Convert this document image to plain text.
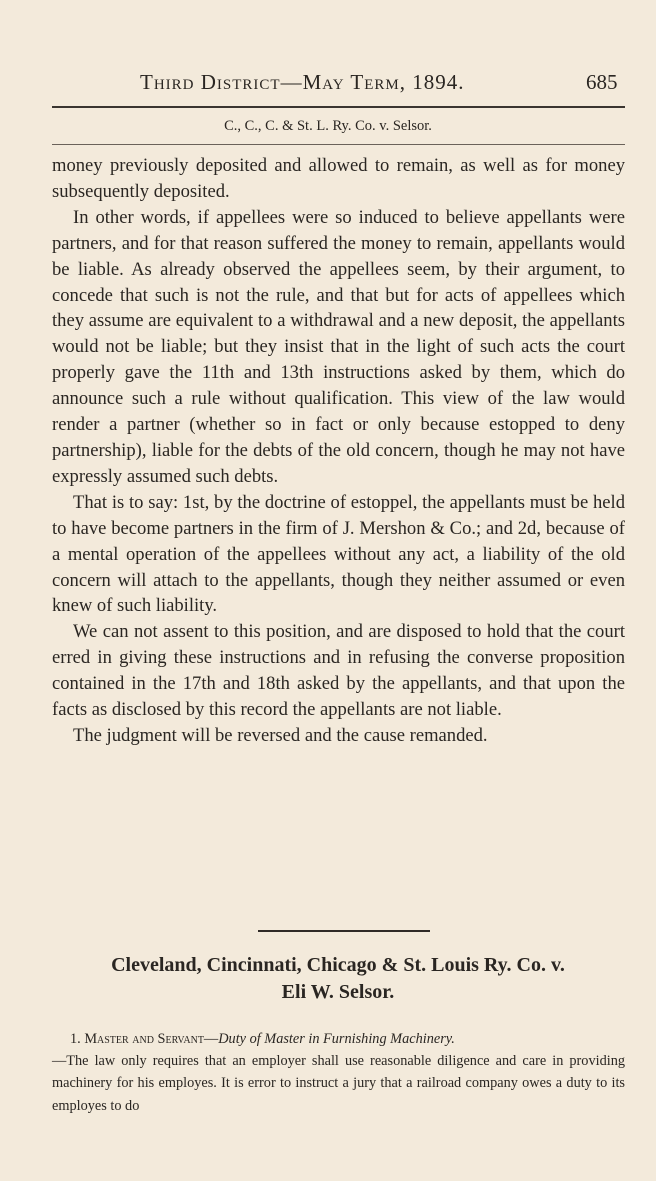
Third District—May Term, 1894.	685
C., C., C. & St. L. Ry. Co. v. Selsor.

money previously deposited and allowed to remain, as well as for money subsequently deposited.

In other words, if appellees were so induced to believe appellants were partners, and for that reason suffered the money to remain, appellants would be liable. As already observed the appellees seem, by their argument, to concede that such is not the rule, and that but for acts of appellees which they assume are equivalent to a withdrawal and a new deposit, the appellants would not be liable; but they insist that in the light of such acts the court properly gave the 11th and 13th instructions asked by them, which do announce such a rule without qualification. This view of the law would render a partner (whether so in fact or only because estopped to deny partnership), liable for the debts of the old concern, though he may not have expressly assumed such debts.

That is to say: 1st, by the doctrine of estoppel, the appellants must be held to have become partners in the firm of J. Mershon & Co.; and 2d, because of a mental operation of the appellees without any act, a liability of the old concern will attach to the appellants, though they neither assumed or even knew of such liability.

We can not assent to this position, and are disposed to hold that the court erred in giving these instructions and in refusing the converse proposition contained in the 17th and 18th asked by the appellants, and that upon the facts as disclosed by this record the appellants are not liable.

The judgment will be reversed and the cause remanded.

Cleveland, Cincinnati, Chicago & St. Louis Ry. Co. v.
Eli W. Selsor.

1. Master and Servant—Duty of Master in Furnishing Machinery.
—The law only requires that an employer shall use reasonable diligence and care in providing machinery for his employes. It is error to instruct a jury that a railroad company owes a duty to its employes to do
